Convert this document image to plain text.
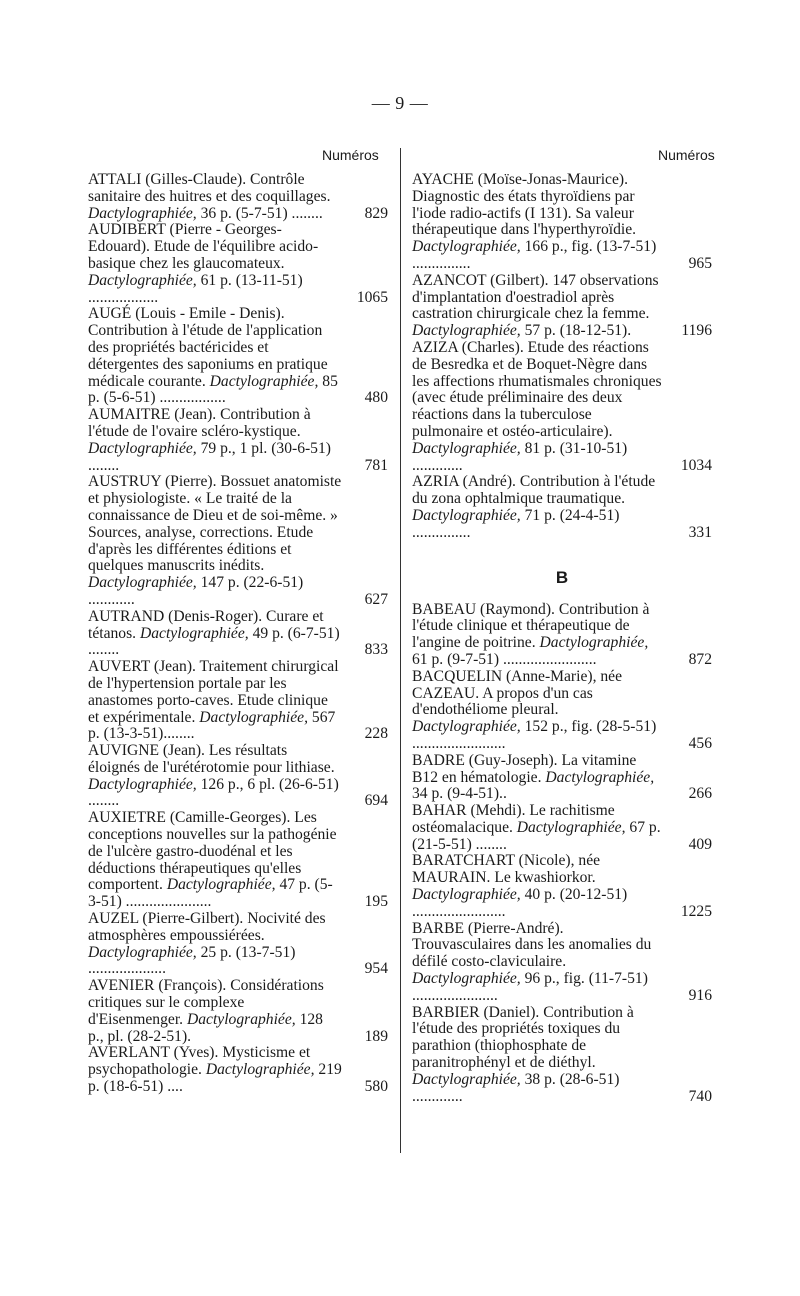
— 9 —
Numéros	Numéros
ATTALI (Gilles-Claude). Contrôle sanitaire des huitres et des coquillages. Dactylographiée, 36 p. (5-7-51) ........	829
AUDIBERT (Pierre - Georges-Edouard). Etude de l'équilibre acido-basique chez les glaucomateux. Dactylographiée, 61 p. (13-11-51) ..................	1065
AUGÉ (Louis - Emile - Denis). Contribution à l'étude de l'application des propriétés bactéricides et détergentes des saponiums en pratique médicale courante. Dactylographiée, 85 p. (5-6-51) .................	480
AUMAITRE (Jean). Contribution à l'étude de l'ovaire scléro-kystique. Dactylographiée, 79 p., 1 pl. (30-6-51) ........	781
AUSTRUY (Pierre). Bossuet anatomiste et physiologiste. « Le traité de la connaissance de Dieu et de soi-même. » Sources, analyse, corrections. Etude d'après les différentes éditions et quelques manuscrits inédits. Dactylographiée, 147 p. (22-6-51) ............	627
AUTRAND (Denis-Roger). Curare et tétanos. Dactylographiée, 49 p. (6-7-51) ........	833
AUVERT (Jean). Traitement chirurgical de l'hypertension portale par les anastomes porto-caves. Etude clinique et expérimentale. Dactylographiée, 567 p. (13-3-51)........	228
AUVIGNE (Jean). Les résultats éloignés de l'urétérotomie pour lithiase. Dactylographiée, 126 p., 6 pl. (26-6-51) ........	694
AUXIETRE (Camille-Georges). Les conceptions nouvelles sur la pathogénie de l'ulcère gastro-duodénal et les déductions thérapeutiques qu'elles comportent. Dactylographiée, 47 p. (5-3-51) ......................	195
AUZEL (Pierre-Gilbert). Nocivité des atmosphères empoussiérées. Dactylographiée, 25 p. (13-7-51) ....................	954
AVENIER (François). Considérations critiques sur le complexe d'Eisenmenger. Dactylographiée, 128 p., pl. (28-2-51).	189
AVERLANT (Yves). Mysticisme et psychopathologie. Dactylographiée, 219 p. (18-6-51) ....	580
AYACHE (Moïse-Jonas-Maurice). Diagnostic des états thyroïdiens par l'iode radio-actifs (I 131). Sa valeur thérapeutique dans l'hyperthyroïdie. Dactylographiée, 166 p., fig. (13-7-51) ...............	965
AZANCOT (Gilbert). 147 observations d'implantation d'oestradiol après castration chirurgicale chez la femme. Dactylographiée, 57 p. (18-12-51).	1196
AZIZA (Charles). Etude des réactions de Besredka et de Boquet-Nègre dans les affections rhumatismales chroniques (avec étude préliminaire des deux réactions dans la tuberculose pulmonaire et ostéo-articulaire). Dactylographiée, 81 p. (31-10-51) .............	1034
AZRIA (André). Contribution à l'étude du zona ophtalmique traumatique. Dactylographiée, 71 p. (24-4-51) ...............	331
B
BABEAU (Raymond). Contribution à l'étude clinique et thérapeutique de l'angine de poitrine. Dactylographiée, 61 p. (9-7-51) ........................	872
BACQUELIN (Anne-Marie), née CAZEAU. A propos d'un cas d'endothéliome pleural. Dactylographiée, 152 p., fig. (28-5-51) ........................	456
BADRE (Guy-Joseph). La vitamine B12 en hématologie. Dactylographiée, 34 p. (9-4-51)..	266
BAHAR (Mehdi). Le rachitisme ostéomalacique. Dactylographiée, 67 p. (21-5-51) ........	409
BARATCHART (Nicole), née MAURAIN. Le kwashiorkor. Dactylographiée, 40 p. (20-12-51) ........................	1225
BARBE (Pierre-André). Trouvasculaires dans les anomalies du défilé costo-claviculaire. Dactylographiée, 96 p., fig. (11-7-51) ......................	916
BARBIER (Daniel). Contribution à l'étude des propriétés toxiques du parathion (thiophosphate de paranitrophényl et de diéthyl. Dactylographiée, 38 p. (28-6-51) .............	740
